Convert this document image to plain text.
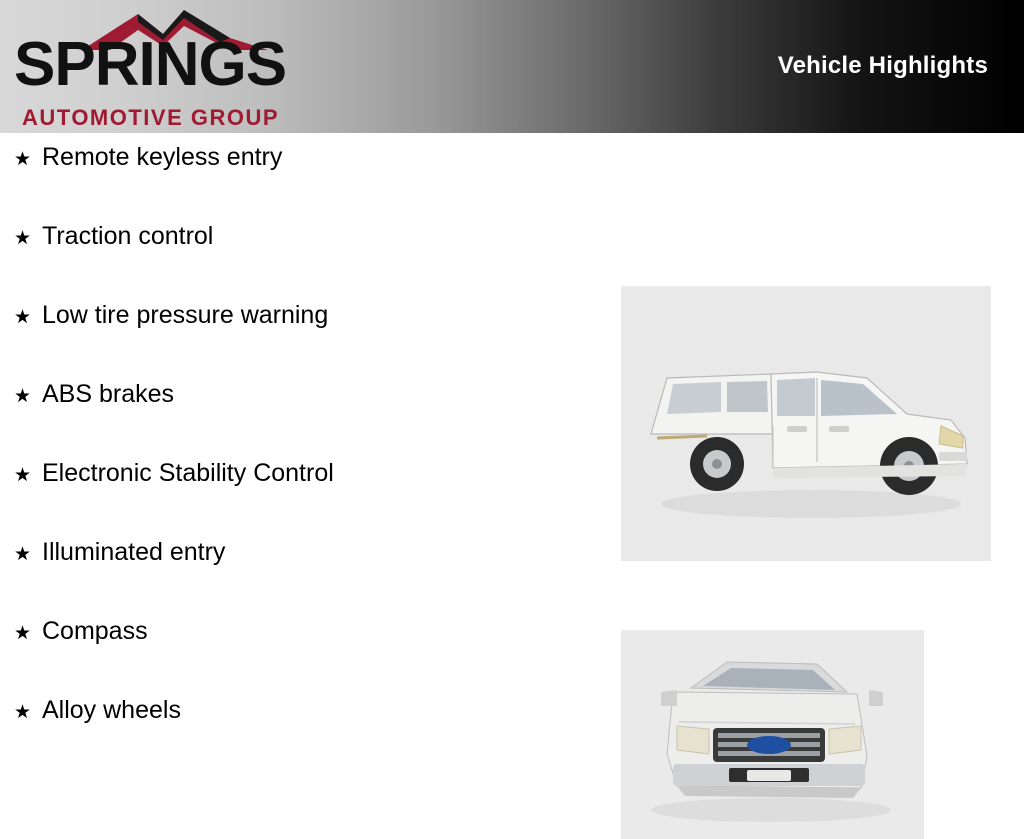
SPRINGS
AUTOMOTIVE GROUP
Vehicle Highlights
★ Remote keyless entry
★ Traction control
★ Low tire pressure warning
★ ABS brakes
★ Electronic Stability Control
★ Illuminated entry
★ Compass
★ Alloy wheels
